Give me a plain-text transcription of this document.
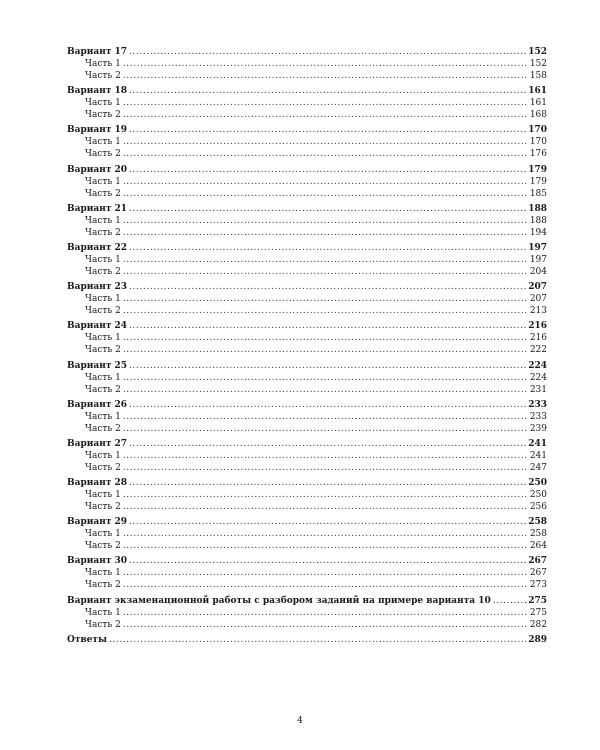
Вариант 17 .....	152
Часть 1 .....	152
Часть 2 .....	158
Вариант 18 .....	161
Часть 1 .....	161
Часть 2 .....	168
Вариант 19 .....	170
Часть 1 .....	170
Часть 2 .....	176
Вариант 20 .....	179
Часть 1 .....	179
Часть 2 .....	185
Вариант 21 .....	188
Часть 1 .....	188
Часть 2 .....	194
Вариант 22 .....	197
Часть 1 .....	197
Часть 2 .....	204
Вариант 23 .....	207
Часть 1 .....	207
Часть 2 .....	213
Вариант 24 .....	216
Часть 1 .....	216
Часть 2 .....	222
Вариант 25 .....	224
Часть 1 .....	224
Часть 2 .....	231
Вариант 26 .....	233
Часть 1 .....	233
Часть 2 .....	239
Вариант 27 .....	241
Часть 1 .....	241
Часть 2 .....	247
Вариант 28 .....	250
Часть 1 .....	250
Часть 2 .....	256
Вариант 29 .....	258
Часть 1 .....	258
Часть 2 .....	264
Вариант 30 .....	267
Часть 1 .....	267
Часть 2 .....	273
Вариант экзаменационной работы с разбором заданий на примере варианта 10 .....	275
Часть 1 .....	275
Часть 2 .....	282
Ответы .....	289
4
